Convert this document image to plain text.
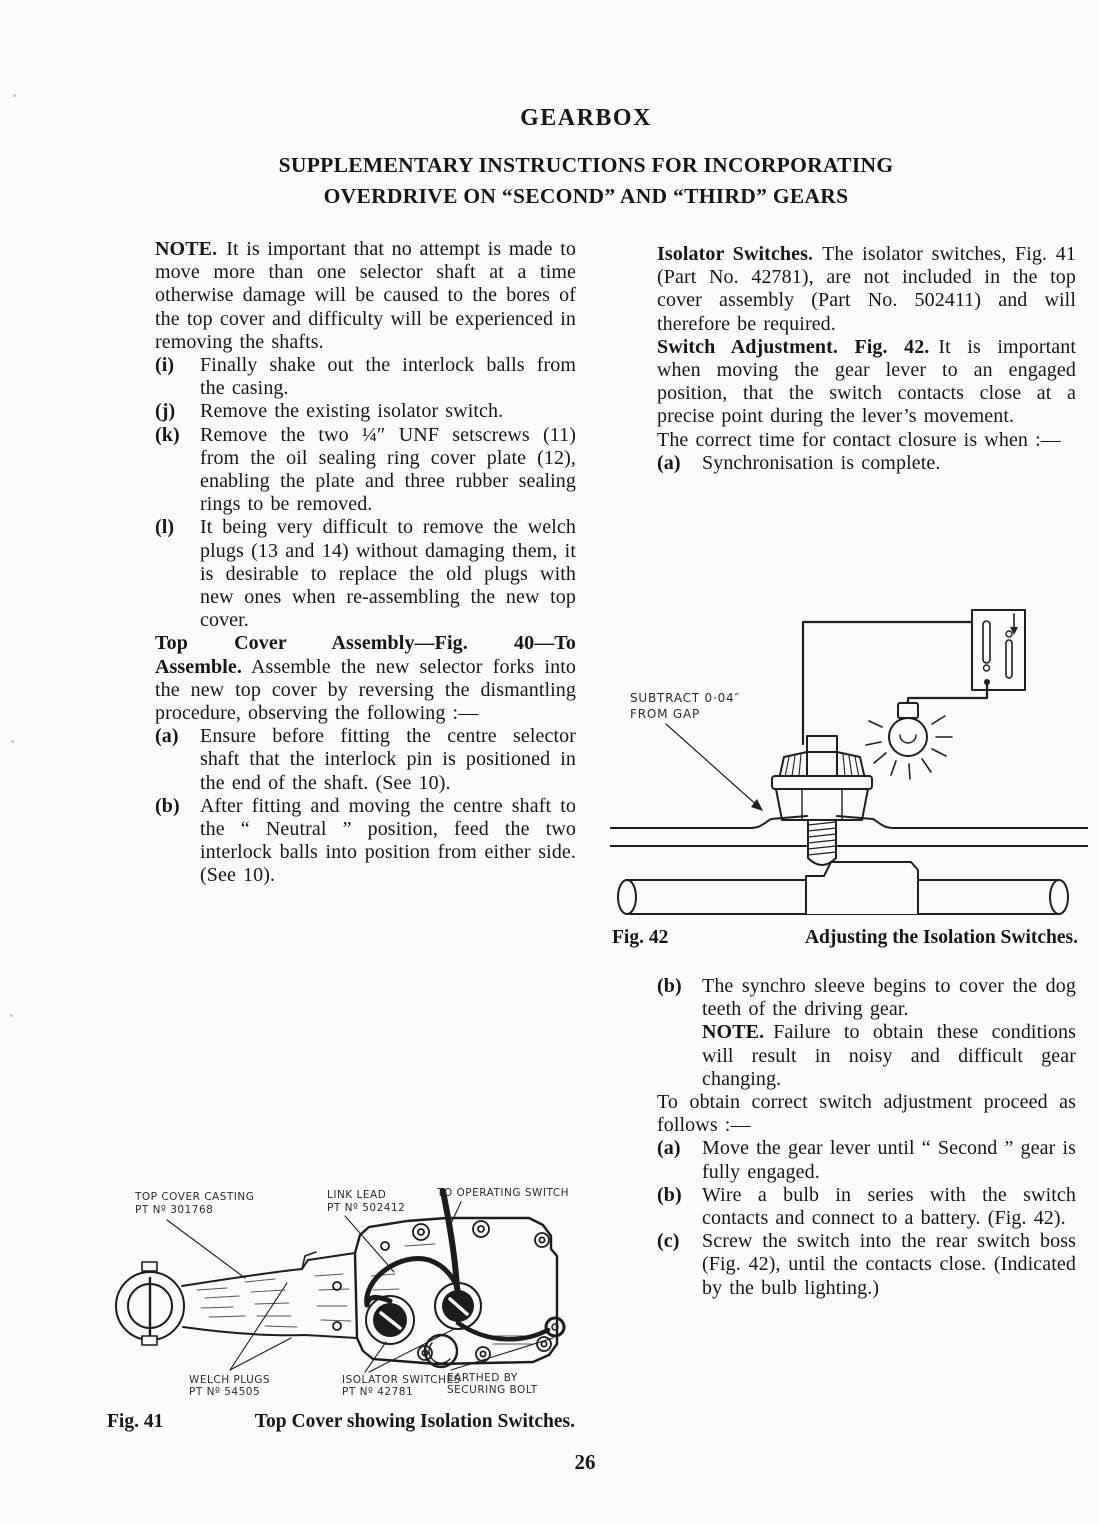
GEARBOX
SUPPLEMENTARY INSTRUCTIONS FOR INCORPORATING
OVERDRIVE ON “SECOND” AND “THIRD” GEARS

NOTE. It is important that no attempt is made to move more than one selector shaft at a time otherwise damage will be caused to the bores of the top cover and difficulty will be experienced in removing the shafts.

(i) Finally shake out the interlock balls from the casing.
(j) Remove the existing isolator switch.
(k) Remove the two ¼″ UNF setscrews (11) from the oil sealing ring cover plate (12), enabling the plate and three rubber sealing rings to be removed.
(l) It being very difficult to remove the welch plugs (13 and 14) without damaging them, it is desirable to replace the old plugs with new ones when re-assembling the new top cover.

Top Cover Assembly—Fig. 40—To Assemble. Assemble the new selector forks into the new top cover by reversing the dismantling procedure, observing the following :—

(a) Ensure before fitting the centre selector shaft that the interlock pin is positioned in the end of the shaft. (See 10).
(b) After fitting and moving the centre shaft to the “ Neutral ” position, feed the two interlock balls into position from either side. (See 10).

Isolator Switches. The isolator switches, Fig. 41 (Part No. 42781), are not included in the top cover assembly (Part No. 502411) and will therefore be required.

Switch Adjustment. Fig. 42. It is important when moving the gear lever to an engaged position, that the switch contacts close at a precise point during the lever’s movement.

The correct time for contact closure is when :—

(a) Synchronisation is complete.
SUBTRACT 0·04″
FROM GAP
Fig. 42	Adjusting the Isolation Switches.
(b) The synchro sleeve begins to cover the dog teeth of the driving gear.

NOTE. Failure to obtain these conditions will result in noisy and difficult gear changing.

To obtain correct switch adjustment proceed as follows :—

(a) Move the gear lever until “ Second ” gear is fully engaged.
(b) Wire a bulb in series with the switch contacts and connect to a battery. (Fig. 42).
(c) Screw the switch into the rear switch boss (Fig. 42), until the contacts close. (Indicated by the bulb lighting.)
TOP COVER CASTING
PT Nº 301768
LINK LEAD
PT Nº 502412
TO OPERATING SWITCH
WELCH PLUGS
PT Nº 54505
ISOLATOR SWITCHES
PT Nº 42781
EARTHED BY
SECURING BOLT
Fig. 41	Top Cover showing Isolation Switches.
26
